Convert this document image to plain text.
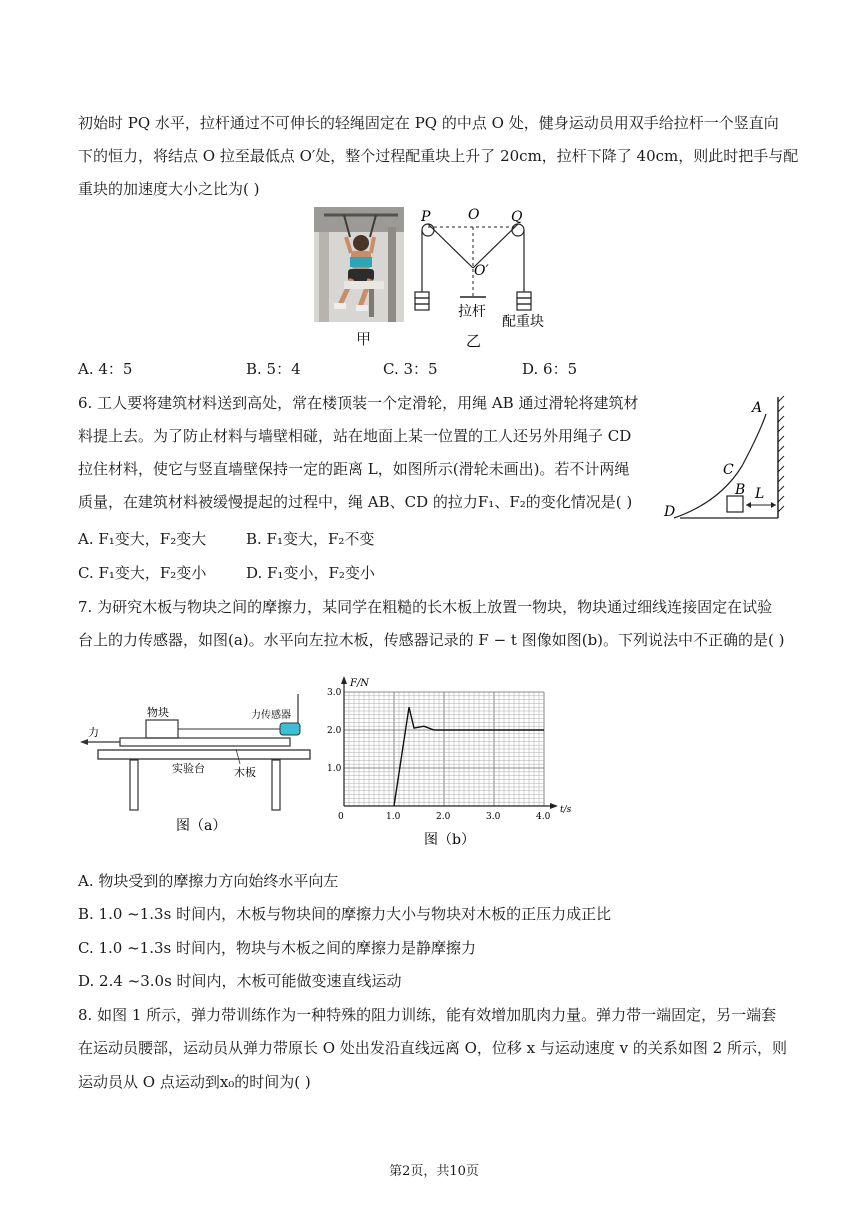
初始时 PQ 水平，拉杆通过不可伸长的轻绳固定在 PQ 的中点 O 处，健身运动员用双手给拉杆一个竖直向
下的恒力，将结点 O 拉至最低点 O′处，整个过程配重块上升了 20cm，拉杆下降了 40cm，则此时把手与配
重块的加速度大小之比为( )
甲
P	O Q
O′
拉杆
配重块
乙
A. 4：5	B. 5：4	C. 3：5	D. 6：5
6. 工人要将建筑材料送到高处，常在楼顶装一个定滑轮，用绳 AB 通过滑轮将建筑材
料提上去。为了防止材料与墙壁相碰，站在地面上某一位置的工人还另外用绳子 CD
拉住材料，使它与竖直墙壁保持一定的距离 L，如图所示(滑轮未画出)。若不计两绳
质量，在建筑材料被缓慢提起的过程中，绳 AB、CD 的拉力F₁、F₂的变化情况是( )
A
B
C
D
L
A. F₁变大，F₂变大	B. F₁变大，F₂不变
C. F₁变大，F₂变小	D. F₁变小，F₂变小
7. 为研究木板与物块之间的摩擦力，某同学在粗糙的长木板上放置一物块，物块通过细线连接固定在试验
台上的力传感器，如图(a)。水平向左拉木板，传感器记录的 F − t 图像如图(b)。下列说法中不正确的是( )
物块	力传感器
力
实验台	木板
图（a）
F/N
t/s
0	1.0	2.0	3.0	4.0
1.0
2.0
3.0
图（b）
A. 物块受到的摩擦力方向始终水平向左
B. 1.0 ~1.3s 时间内，木板与物块间的摩擦力大小与物块对木板的正压力成正比
C. 1.0 ~1.3s 时间内，物块与木板之间的摩擦力是静摩擦力
D. 2.4 ~3.0s 时间内，木板可能做变速直线运动
8. 如图 1 所示，弹力带训练作为一种特殊的阻力训练，能有效增加肌肉力量。弹力带一端固定，另一端套
在运动员腰部，运动员从弹力带原长 O 处出发沿直线远离 O，位移 x 与运动速度 v 的关系如图 2 所示，则
运动员从 O 点运动到x₀的时间为( )
第2页，共10页
